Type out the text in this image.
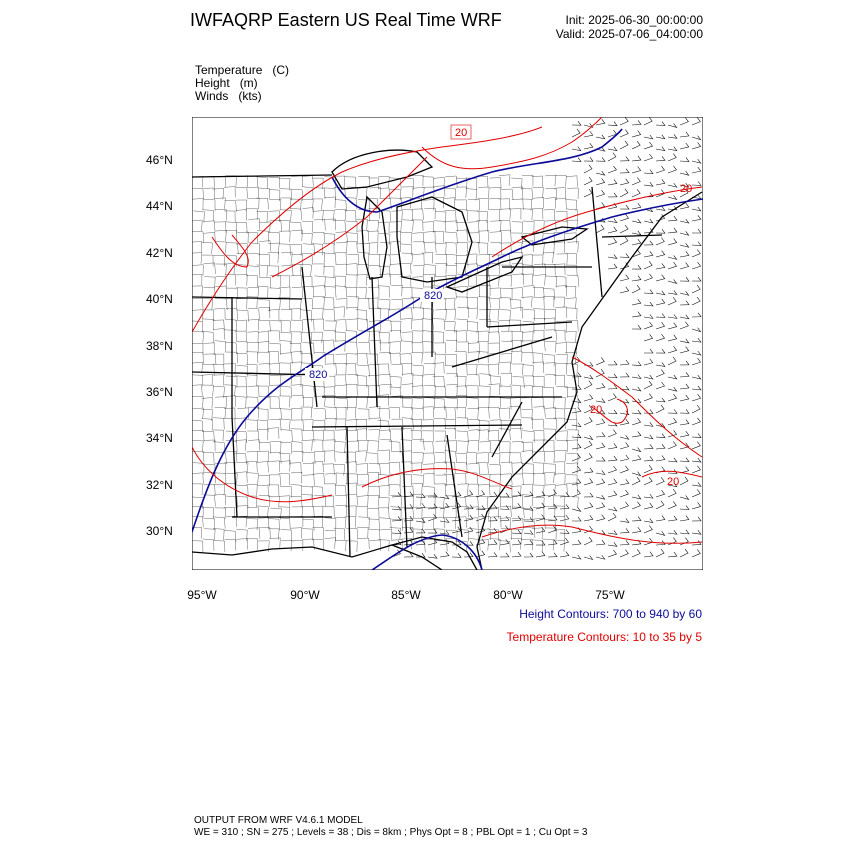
IWFAQRP Eastern US Real Time WRF	Init: 2025-06-30_00:00:00
Valid: 2025-07-06_04:00:00
Temperature   (C)
Height   (m)
Winds   (kts)
46°N
44°N
42°N
40°N
38°N
36°N
34°N
32°N
30°N
95°W	90°W	85°W	80°W	75°W
820
820
20
20
20
20
Height Contours: 700 to 940 by 60
Temperature Contours: 10 to 35 by 5
OUTPUT FROM WRF V4.6.1 MODEL
WE = 310 ; SN = 275 ; Levels = 38 ; Dis = 8km ; Phys Opt = 8 ; PBL Opt = 1 ; Cu Opt = 3
